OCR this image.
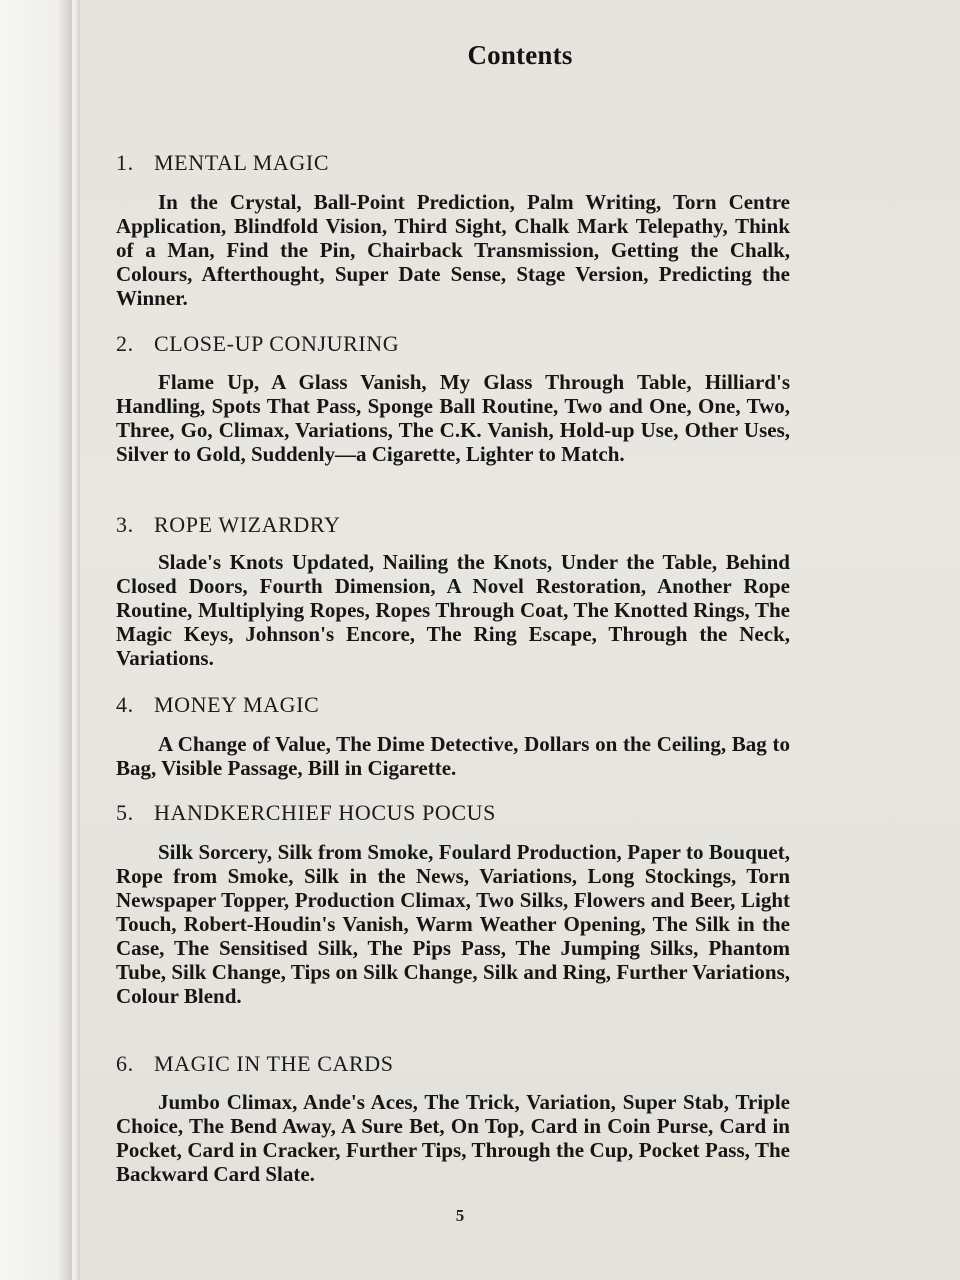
Contents
1. MENTAL MAGIC
In the Crystal, Ball-Point Prediction, Palm Writing, Torn Centre Application, Blindfold Vision, Third Sight, Chalk Mark Telepathy, Think of a Man, Find the Pin, Chairback Transmission, Getting the Chalk, Colours, Afterthought, Super Date Sense, Stage Version, Predicting the Winner.
2. CLOSE-UP CONJURING
Flame Up, A Glass Vanish, My Glass Through Table, Hilliard's Handling, Spots That Pass, Sponge Ball Routine, Two and One, One, Two, Three, Go, Climax, Variations, The C.K. Vanish, Hold-up Use, Other Uses, Silver to Gold, Suddenly—a Cigarette, Lighter to Match.
3. ROPE WIZARDRY
Slade's Knots Updated, Nailing the Knots, Under the Table, Behind Closed Doors, Fourth Dimension, A Novel Restoration, Another Rope Routine, Multiplying Ropes, Ropes Through Coat, The Knotted Rings, The Magic Keys, Johnson's Encore, The Ring Escape, Through the Neck, Variations.
4. MONEY MAGIC
A Change of Value, The Dime Detective, Dollars on the Ceiling, Bag to Bag, Visible Passage, Bill in Cigarette.
5. HANDKERCHIEF HOCUS POCUS
Silk Sorcery, Silk from Smoke, Foulard Production, Paper to Bouquet, Rope from Smoke, Silk in the News, Variations, Long Stockings, Torn Newspaper Topper, Production Climax, Two Silks, Flowers and Beer, Light Touch, Robert-Houdin's Vanish, Warm Weather Opening, The Silk in the Case, The Sensitised Silk, The Pips Pass, The Jumping Silks, Phantom Tube, Silk Change, Tips on Silk Change, Silk and Ring, Further Variations, Colour Blend.
6. MAGIC IN THE CARDS
Jumbo Climax, Ande's Aces, The Trick, Variation, Super Stab, Triple Choice, The Bend Away, A Sure Bet, On Top, Card in Coin Purse, Card in Pocket, Card in Cracker, Further Tips, Through the Cup, Pocket Pass, The Backward Card Slate.
5
